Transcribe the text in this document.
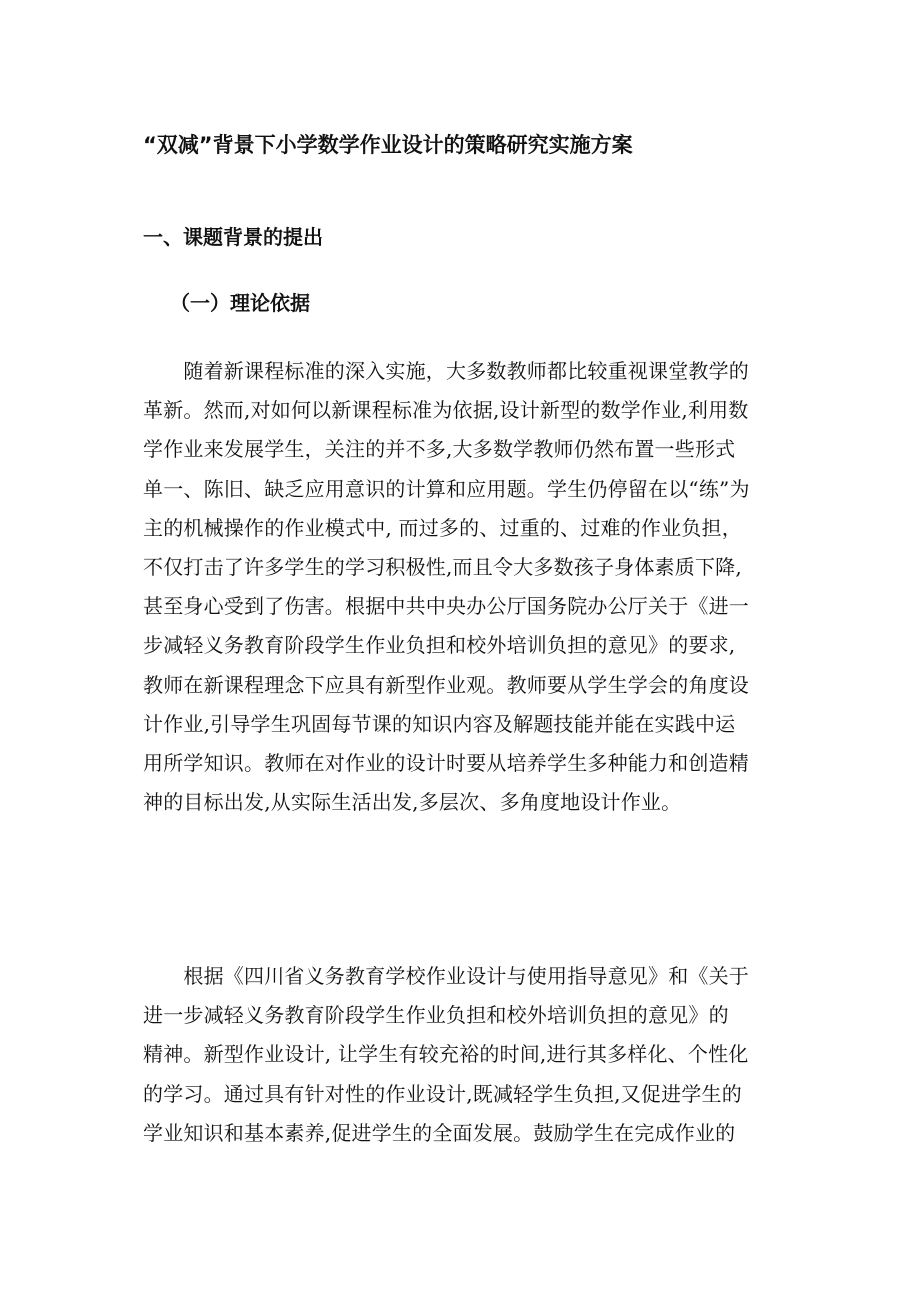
“双减”背景下小学数学作业设计的策略研究实施方案
一、课题背景的提出
（一）理论依据
　　随着新课程标准的深入实施，大多数教师都比较重视课堂教学的
革新。然而,对如何以新课程标准为依据,设计新型的数学作业,利用数
学作业来发展学生，关注的并不多,大多数学教师仍然布置一些形式
单一、陈旧、缺乏应用意识的计算和应用题。学生仍停留在以“练”为
主的机械操作的作业模式中, 而过多的、过重的、过难的作业负担，
不仅打击了许多学生的学习积极性,而且令大多数孩子身体素质下降,
甚至身心受到了伤害。根据中共中央办公厅国务院办公厅关于《进一
步减轻义务教育阶段学生作业负担和校外培训负担的意见》的要求,
教师在新课程理念下应具有新型作业观。教师要从学生学会的角度设
计作业,引导学生巩固每节课的知识内容及解题技能并能在实践中运
用所学知识。教师在对作业的设计时要从培养学生多种能力和创造精
神的目标出发,从实际生活出发,多层次、多角度地设计作业。
　　根据《四川省义务教育学校作业设计与使用指导意见》和《关于
进一步减轻义务教育阶段学生作业负担和校外培训负担的意见》的
精神。新型作业设计, 让学生有较充裕的时间,进行其多样化、个性化
的学习。通过具有针对性的作业设计,既减轻学生负担,又促进学生的
学业知识和基本素养,促进学生的全面发展。鼓励学生在完成作业的
